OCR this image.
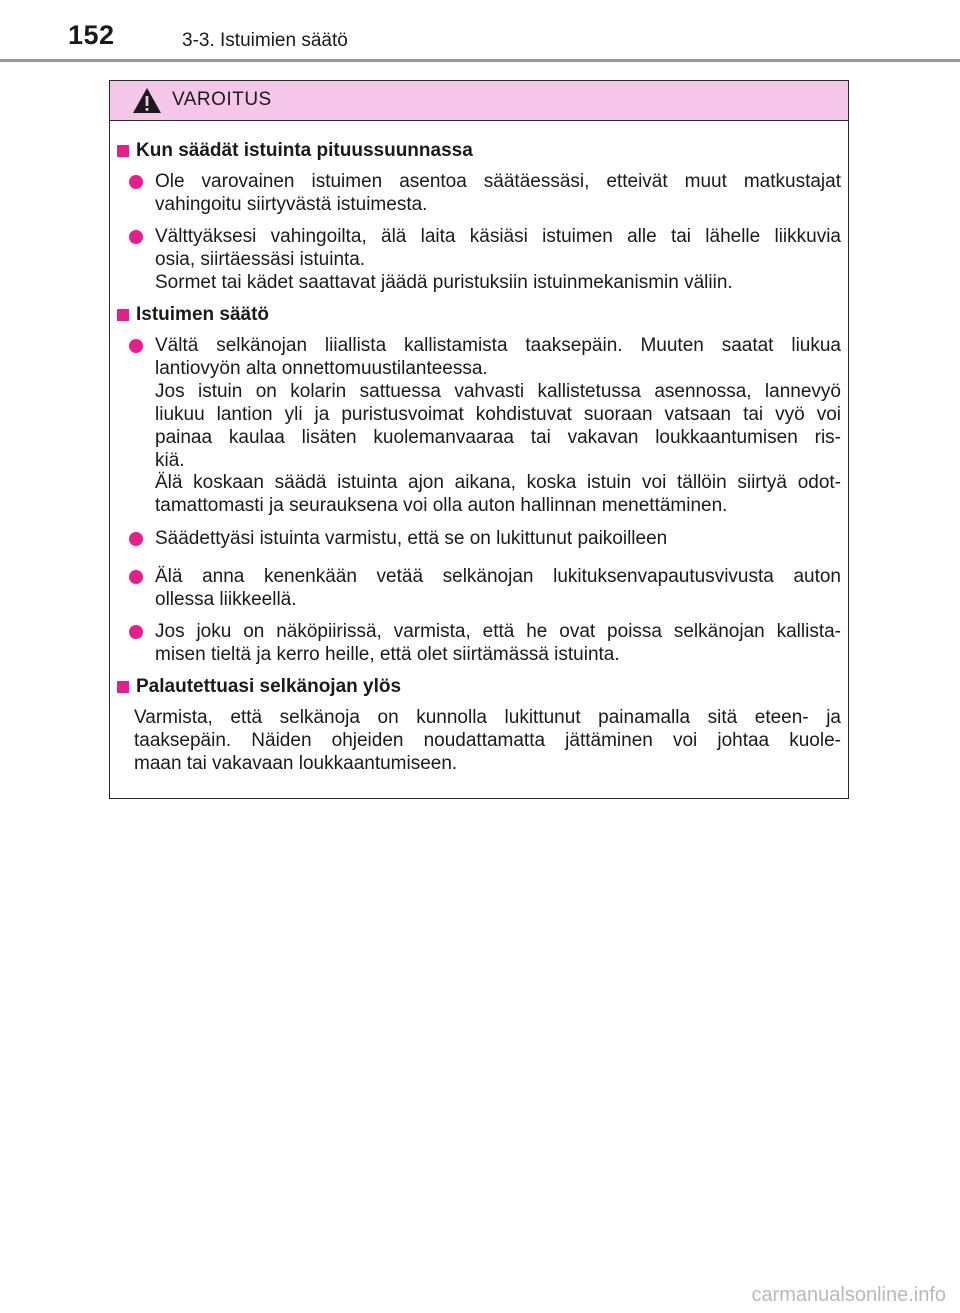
152	3-3. Istuimien säätö
VAROITUS
Kun säädät istuinta pituussuunnassa
Ole varovainen istuimen asentoa säätäessäsi, etteivät muut matkustajat
vahingoitu siirtyvästä istuimesta.
Välttyäksesi vahingoilta, älä laita käsiäsi istuimen alle tai lähelle liikkuvia
osia, siirtäessäsi istuinta.
Sormet tai kädet saattavat jäädä puristuksiin istuinmekanismin väliin.
Istuimen säätö
Vältä selkänojan liiallista kallistamista taaksepäin. Muuten saatat liukua
lantiovyön alta onnettomuustilanteessa.
Jos istuin on kolarin sattuessa vahvasti kallistetussa asennossa, lannevyö
liukuu lantion yli ja puristusvoimat kohdistuvat suoraan vatsaan tai vyö voi
painaa kaulaa lisäten kuolemanvaaraa tai vakavan loukkaantumisen ris-
kiä.
Älä koskaan säädä istuinta ajon aikana, koska istuin voi tällöin siirtyä odot-
tamattomasti ja seurauksena voi olla auton hallinnan menettäminen.
Säädettyäsi istuinta varmistu, että se on lukittunut paikoilleen
Älä anna kenenkään vetää selkänojan lukituksenvapautusvivusta auton
ollessa liikkeellä.
Jos joku on näköpiirissä, varmista, että he ovat poissa selkänojan kallista-
misen tieltä ja kerro heille, että olet siirtämässä istuinta.
Palautettuasi selkänojan ylös
Varmista, että selkänoja on kunnolla lukittunut painamalla sitä eteen- ja
taaksepäin. Näiden ohjeiden noudattamatta jättäminen voi johtaa kuole-
maan tai vakavaan loukkaantumiseen.
carmanualsonline.info
